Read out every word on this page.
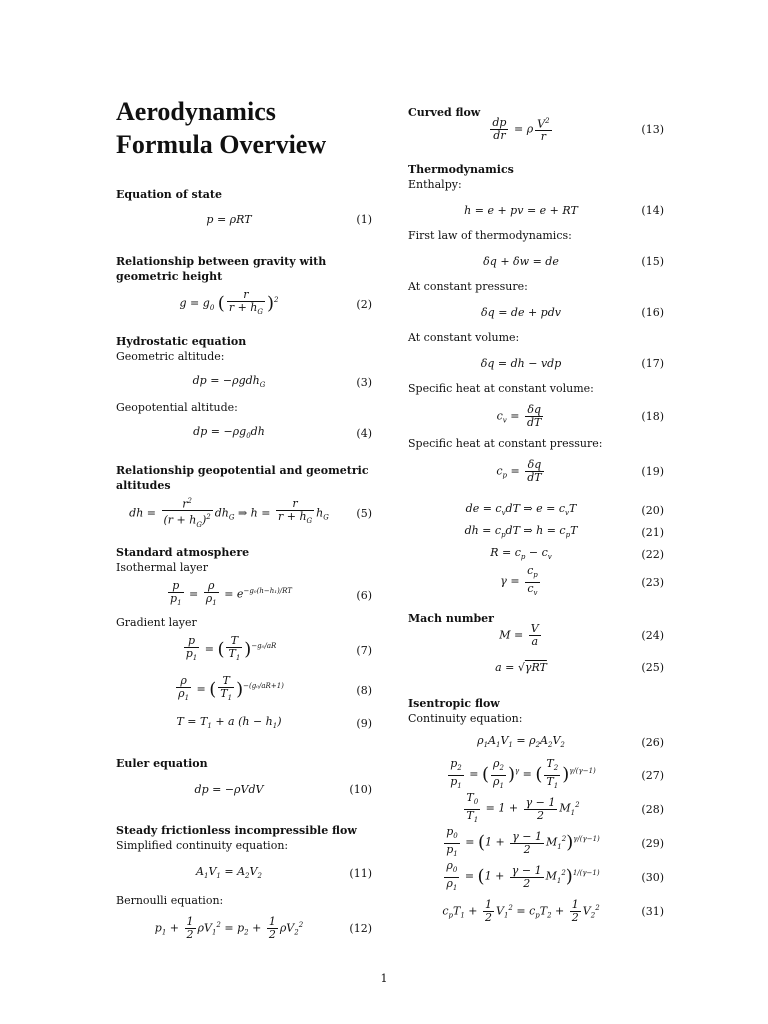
Aerodynamics
Formula Overview

Equation of state

p = ρRT	(1)

Relationship between gravity with geometric height

$g = g_0$ ( $\frac{r}{r + h_G} )^2$	(2)

Hydrostatic equation

Geometric altitude:

dp = −ρgdh$_G$	(3)

Geopotential altitude:

dp = $-\rho g_0dh$	(4)

Relationship geopotential and geometric altitudes

dh = $\frac{r^2}{(r + h_G)^2} dh_G$ ⇒ $h = \frac{r}{r + h_G} h_G$	(5)

Standard atmosphere

Isothermal layer

$\frac{p}{p_1} = \frac{\rho}{\rho_1} = e^{-g_0(h-h_1)/RT}$	(6)

Gradient layer

$\frac{p}{p_1}$ = ( $\frac{T}{T_1} )^{-g_0/aR}$	(7)
$\frac{\rho}{\rho_1}$ = ( $\frac{T}{T_1} )^{-(g_0/aR+1)}$	(8)
$T = T_1 + a$ $(h - h_1)$	(9)

Euler equation

dp = −ρVdV	(10)

Steady frictionless incompressible flow

Simplified continuity equation:

$A_1V_1 = A_2V_2$	(11)

Bernoulli equation:

$p_1 + \frac{1}{2} \rho V_1^2 = p_2 + \frac{1}{2} \rho V_2^2$	(12)

Curved flow

$\frac{dp}{dr} = \rho \frac{V^2}{r}$	(13)

Thermodynamics

Enthalpy:

h = e + pv = e + RT	(14)

First law of thermodynamics:

δq + δw = de	(15)

At constant pressure:

δq = de + pdv	(16)

At constant volume:

δq = dh − vdp	(17)

Specific heat at constant volume:

$c_v = \frac{\delta q}{dT}$	(18)

Specific heat at constant pressure:

$c_p = \frac{\delta q}{dT}$	(19)
de = $c_vdT$ ⇒ $e = c_vT$	(20)
dh = $c_pdT$ ⇒ $h = c_pT$	(21)
$R = c_p - c_v$	(22)
$\gamma = \frac{c_p}{c_v}$	(23)

Mach number

$M = \frac{V}{a}$	(24)
a = √γRT	(25)

Isentropic flow

Continuity equation:

$\rho_1A_1V_1 = \rho_2A_2V_2$	(26)
$\frac{p_2}{p_1}$ = ( $\frac{\rho_2}{\rho_1} )^\gamma$ = ( $\frac{T_2}{T_1} )^{\gamma/(\gamma-1)}$	(27)
$\frac{T_0}{T_1} = 1 + \frac{\gamma - 1}{2} M_1^2$	(28)
$\frac{p_0}{p_1} = (1 + \frac{\gamma - 1}{2} M_1^2)^{\gamma/(\gamma-1)}$	(29)
$\frac{\rho_0}{\rho_1} = (1 + \frac{\gamma - 1}{2} M_1^2)^{1/(\gamma-1)}$	(30)
$c_pT_1 + \frac{1}{2} V_1^2 = c_pT_2 + \frac{1}{2} V_2^2$	(31)
1
